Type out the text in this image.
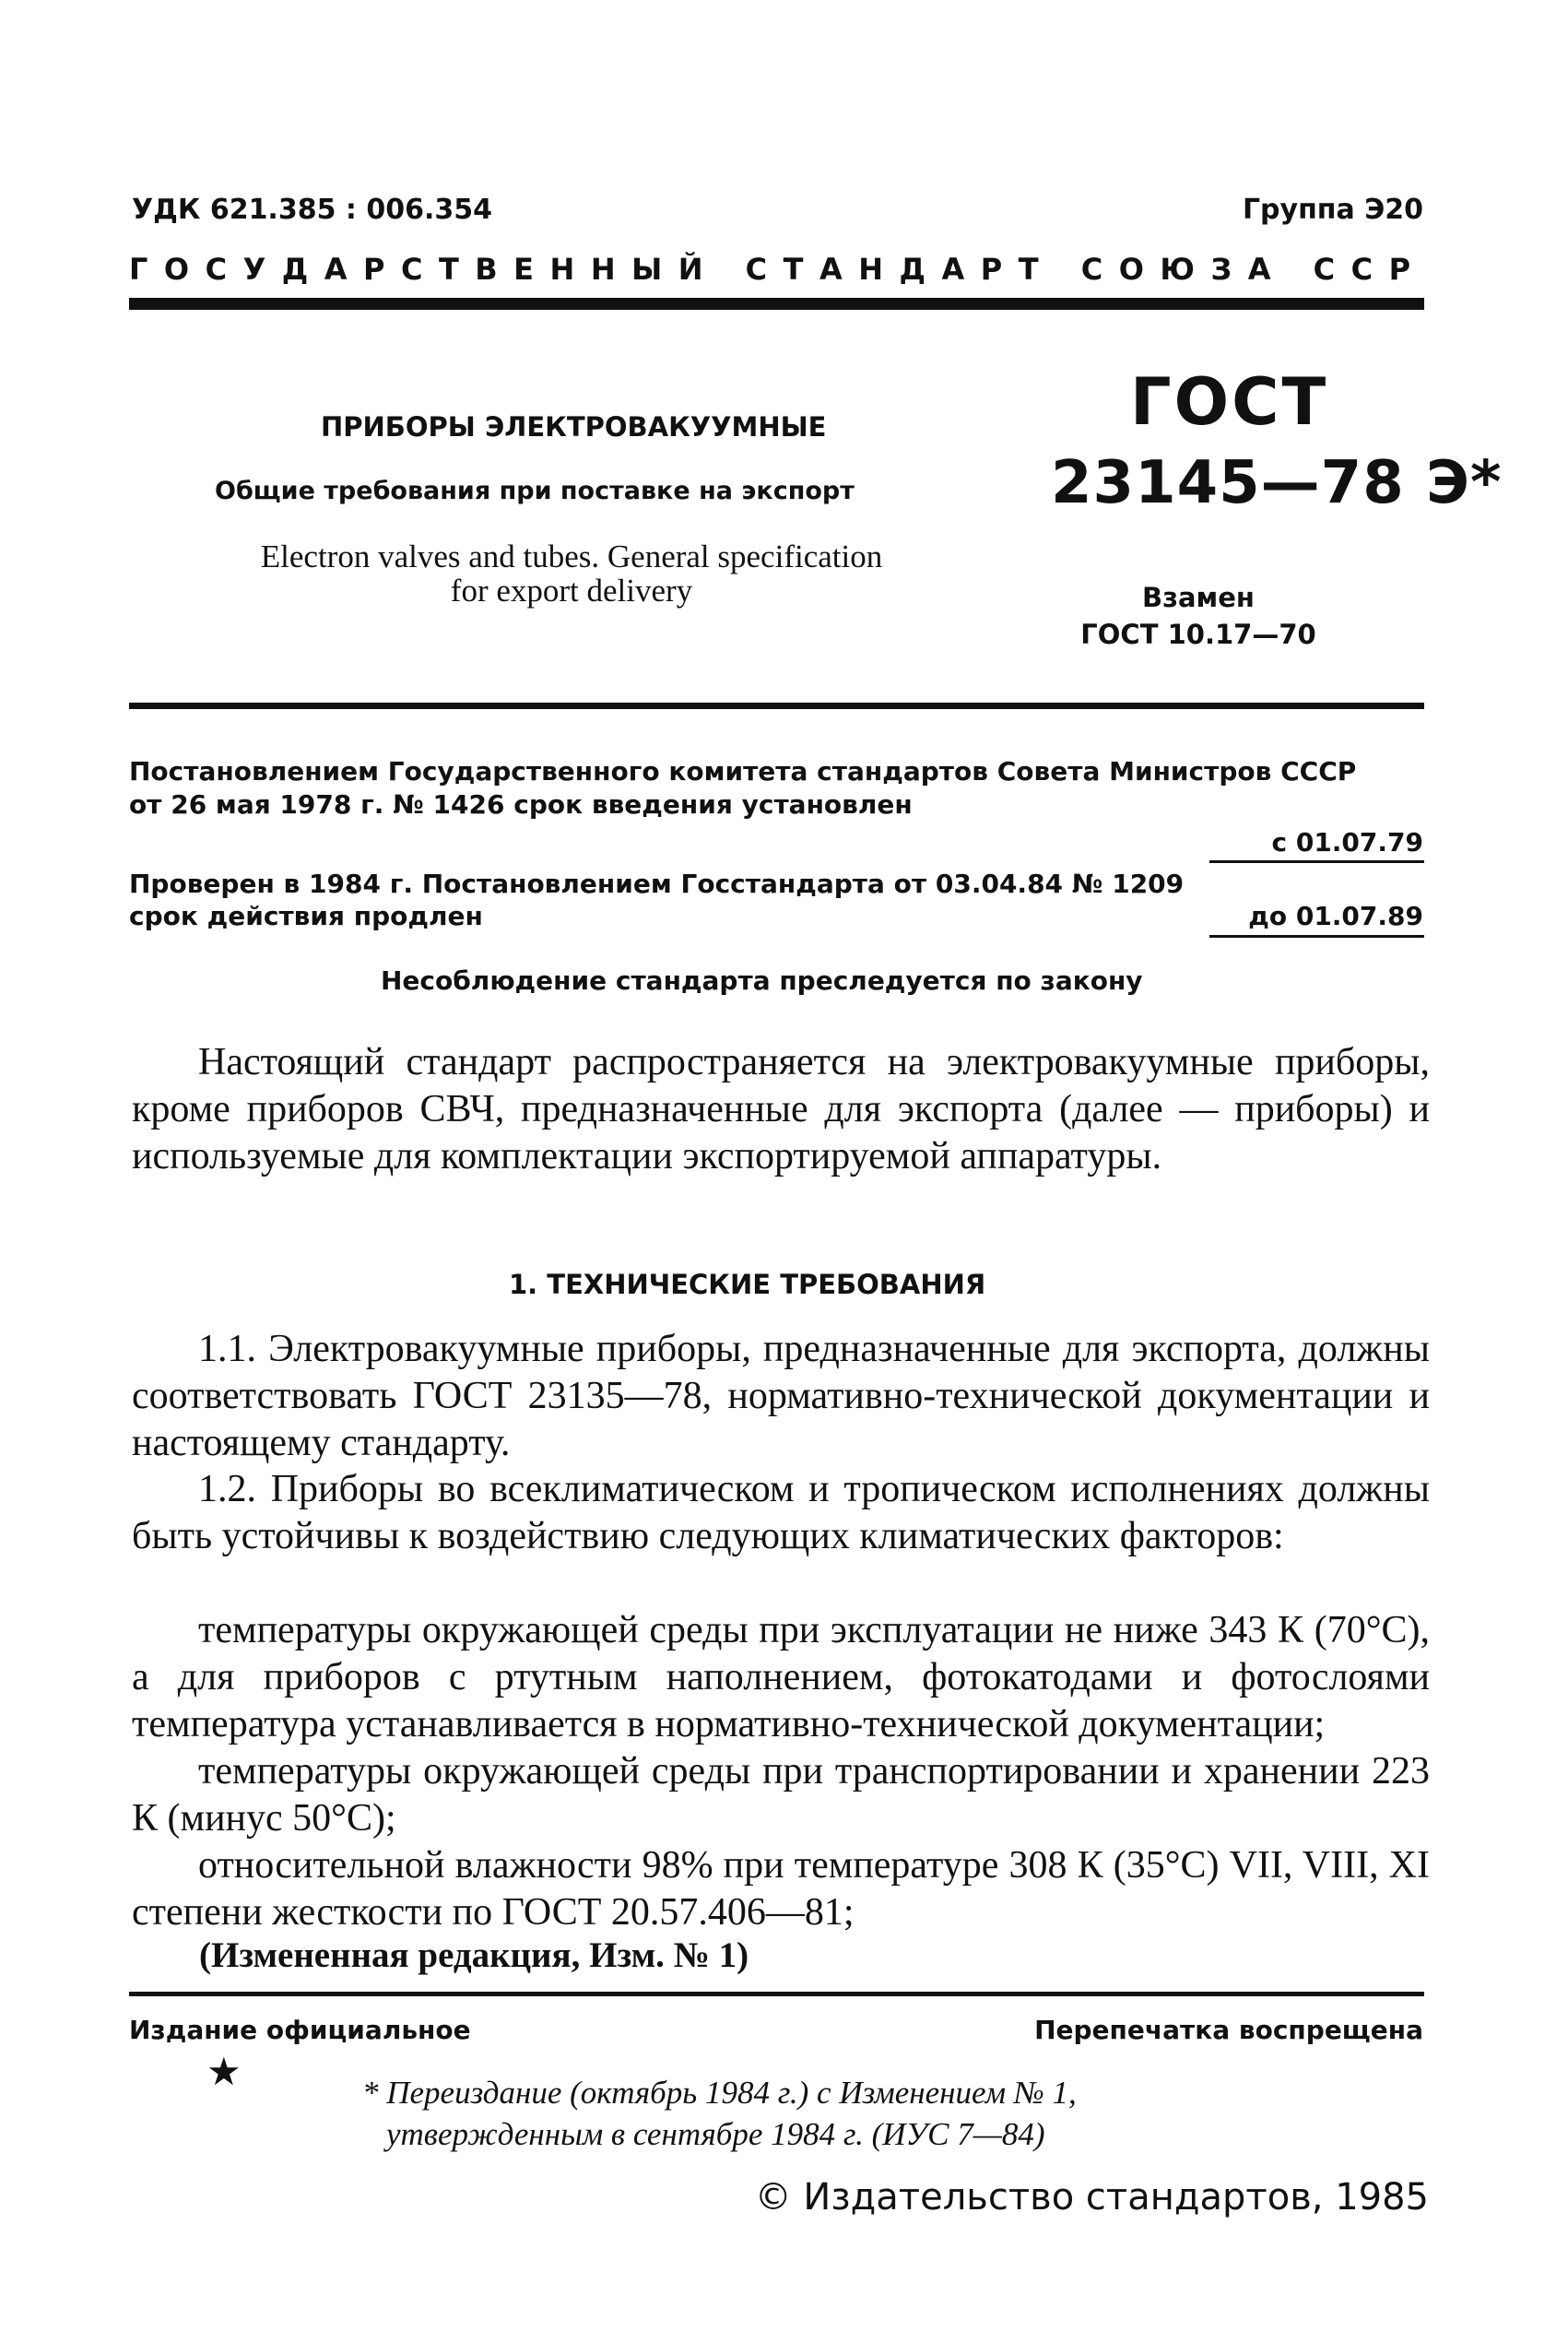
УДК 621.385 : 006.354	Группа Э20
ГОСУДАРСТВЕННЫЙ СТАНДАРТ СОЮЗА ССР
ПРИБОРЫ ЭЛЕКТРОВАКУУМНЫЕ
Общие требования при поставке на экспорт
Electron valves and tubes. General specification
for export delivery
ГОСТ
23145—78 Э*
Взамен
ГОСТ 10.17—70
Постановлением Государственного комитета стандартов Совета Министров СССР
от 26 мая 1978 г. № 1426 срок введения установлен
с 01.07.79
Проверен в 1984 г. Постановлением Госстандарта от 03.04.84 № 1209
срок действия продлен	до 01.07.89
Несоблюдение стандарта преследуется по закону
Настоящий стандарт распространяется на электровакуумные приборы, кроме приборов СВЧ, предназначенные для экспорта (далее — приборы) и используемые для комплектации экспортируемой аппаратуры.
1. ТЕХНИЧЕСКИЕ ТРЕБОВАНИЯ
1.1. Электровакуумные приборы, предназначенные для экспорта, должны соответствовать ГОСТ 23135—78, нормативно-технической документации и настоящему стандарту.
1.2. Приборы во всеклиматическом и тропическом исполнениях должны быть устойчивы к воздействию следующих климатических факторов:
температуры окружающей среды при эксплуатации не ниже 343 К (70°С), а для приборов с ртутным наполнением, фотокатодами и фотослоями температура устанавливается в нормативно-технической документации;
температуры окружающей среды при транспортировании и хранении 223 К (минус 50°С);
относительной влажности 98% при температуре 308 К (35°С) VII, VIII, XI степени жесткости по ГОСТ 20.57.406—81;
(Измененная редакция, Изм. № 1)
Издание официальное	Перепечатка воспрещена
★	* Переиздание (октябрь 1984 г.) с Изменением № 1,
утвержденным в сентябре 1984 г. (ИУС 7—84)
© Издательство стандартов, 1985
